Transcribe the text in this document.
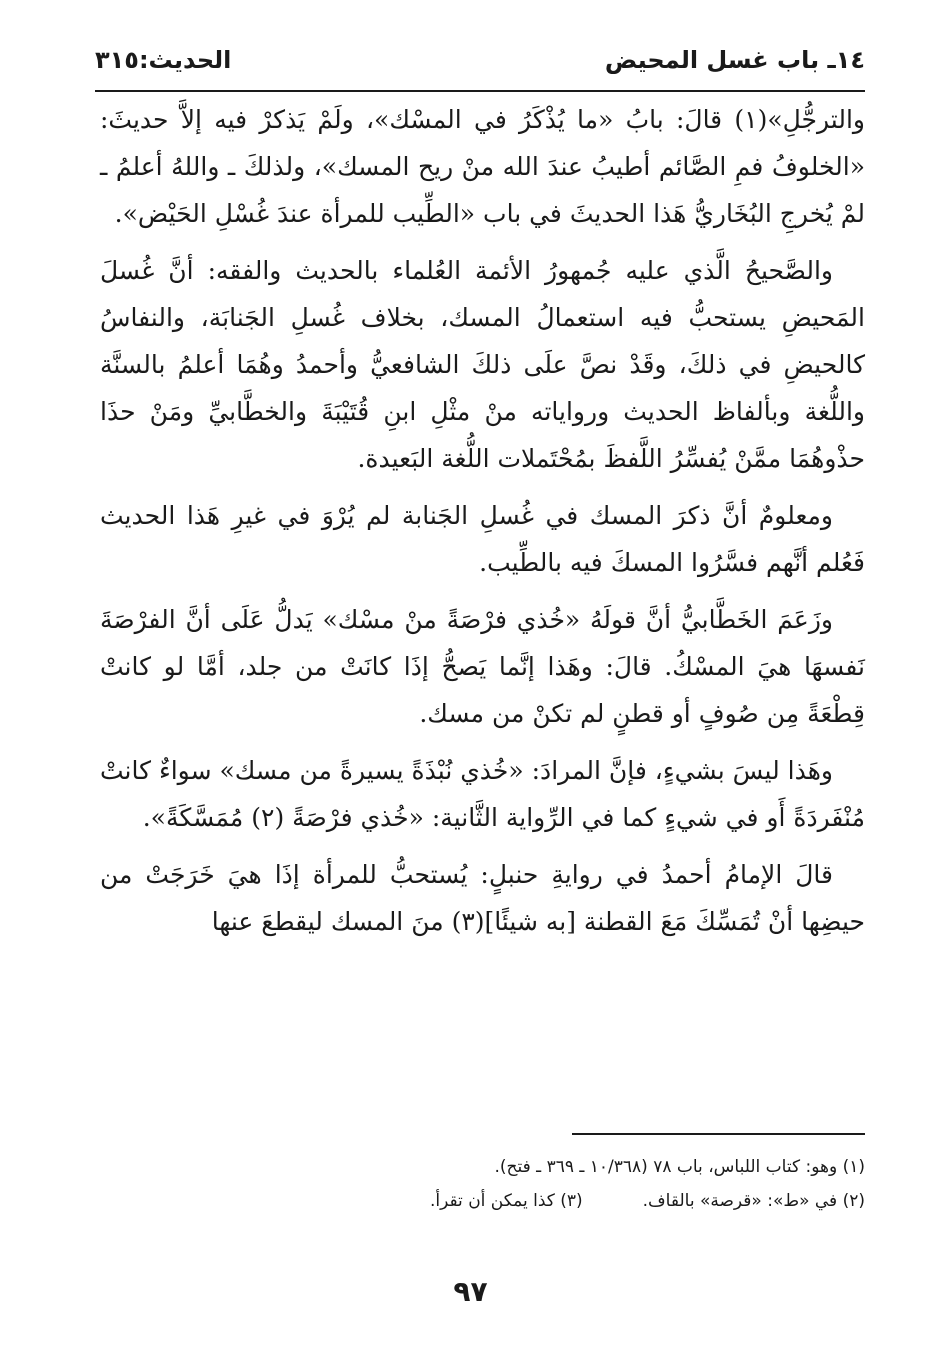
١٤ـ باب غسل المحيض
الحديث:٣١٥

والترجُّلِ»(١) قالَ: بابُ «ما يُذْكَرُ في المسْك»، ولَمْ يَذكرْ فيه إلاَّ حديثَ: «الخلوفُ فمِ الصَّائم أطيبُ عندَ الله منْ ريح المسك»، ولذلكَ ـ واللهُ أعلمُ ـ لمْ يُخرجِ البُخَاريُّ هَذا الحديثَ في باب «الطِّيب للمرأة عندَ غُسْلِ الحَيْض».

والصَّحيحُ الَّذي عليه جُمهورُ الأئمة العُلماء بالحديث والفقه: أنَّ غُسلَ المَحيضِ يستحبُّ فيه استعمالُ المسك، بخلاف غُسلِ الجَنابَة، والنفاسُ كالحيضِ في ذلكَ، وقَدْ نصَّ علَى ذلكَ الشافعيُّ وأحمدُ وهُمَا أعلمُ بالسنَّة واللُّغة وبألفاظ الحديث ورواياته منْ مثْلِ ابنِ قُتَيْبَةَ والخطَّابيِّ ومَنْ حذَا حذْوهُمَا ممَّنْ يُفسِّرُ اللَّفظَ بمُحْتَملات اللُّغة البَعيدة.

ومعلومٌ أنَّ ذكرَ المسك في غُسلِ الجَنابة لم يُرْوَ في غيرِ هَذا الحديث فَعُلم أنَّهم فسَّرُوا المسكَ فيه بالطِّيب.

وزَعَمَ الخَطَّابيُّ أنَّ قولَهُ «خُذي فرْصَةً منْ مسْك» يَدلُّ عَلَى أنَّ الفرْصَةَ نَفسهَا هيَ المسْكُ. قالَ: وهَذا إنَّما يَصحُّ إذَا كانَتْ من جلد، أمَّا لو كانتْ قِطْعَةً مِن صُوفٍ أو قطنٍ لم تكنْ من مسك.

وهَذا ليسَ بشيءٍ، فإنَّ المرادَ: «خُذي نُبْذَةً يسيرةً من مسك» سواءٌ كانتْ مُنْفَردَةً أَو في شيءٍ كما في الرِّواية الثَّانية: «خُذي فرْصَةً (٢) مُمَسَّكَةً».

قالَ الإمامُ أحمدُ في روايةِ حنبلٍ: يُستحبُّ للمرأة إذَا هيَ خَرَجَتْ من حيضِها أنْ تُمَسِّكَ مَعَ القطنة [به شيئًا](٣) منَ المسك ليقطعَ عنها

(١) وهو: كتاب اللباس، باب ٧٨ (١٠/٣٦٨ ـ ٣٦٩ ـ فتح).
(٢) في «ط»: «قرصة» بالقاف.
(٣) كذا يمكن أن تقرأ.
٩٧
